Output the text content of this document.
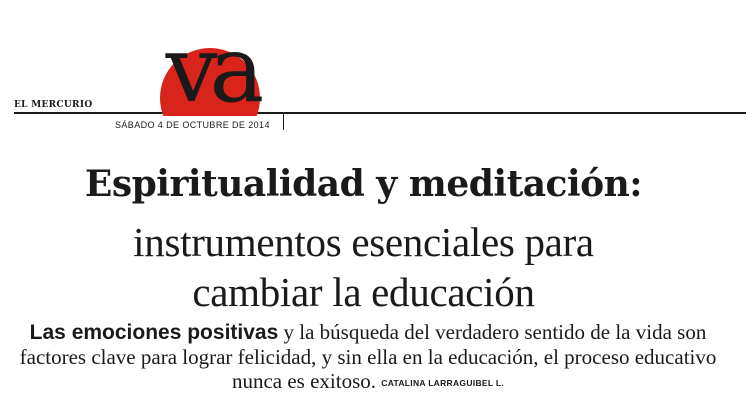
EL MERCURIO va

SÁBADO 4 DE OCTUBRE DE 2014

Espiritualidad y meditación:

instrumentos esenciales para

cambiar la educación

Las emociones positivas y la búsqueda del verdadero sentido de la vida son factores clave para lograr felicidad, y sin ella en la educación, el proceso educativo nunca es exitoso. CATALINA LARRAGUIBEL L.
